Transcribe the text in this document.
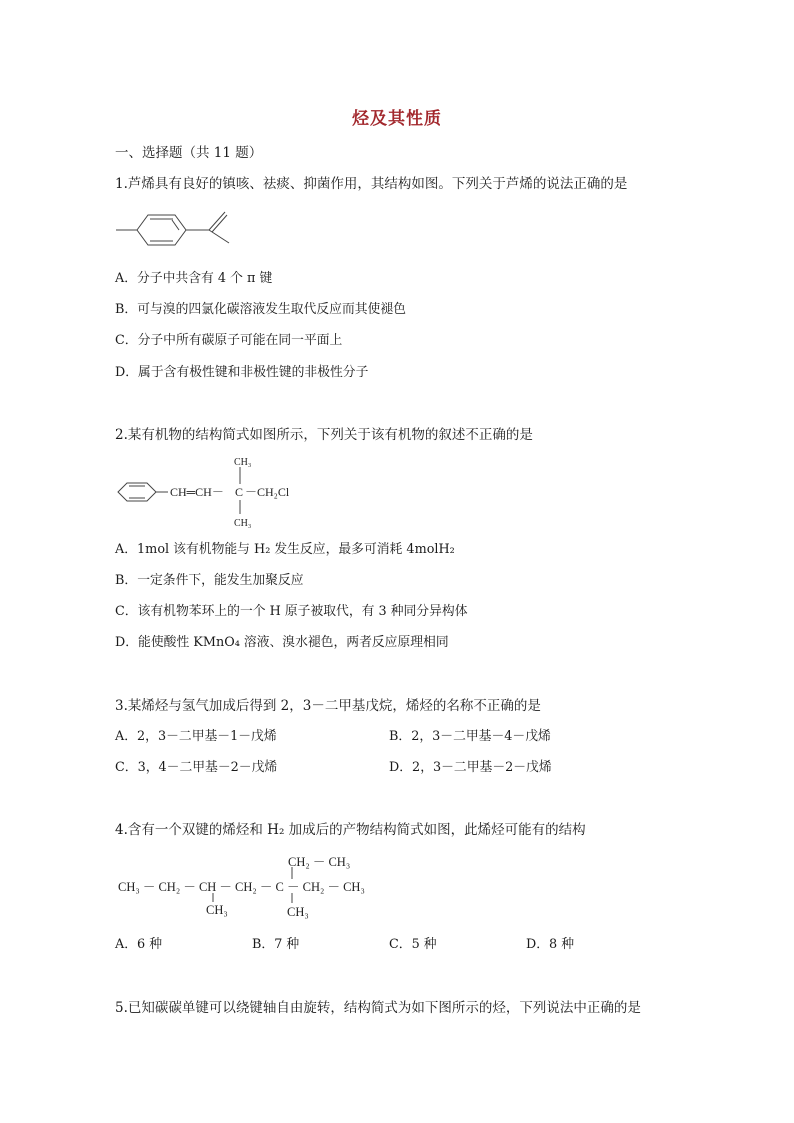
烃及其性质
一、选择题（共 11 题）
1.芦烯具有良好的镇咳、祛痰、抑菌作用，其结构如图。下列关于芦烯的说法正确的是
A．分子中共含有 4 个 π 键
B．可与溴的四氯化碳溶液发生取代反应而其使褪色
C．分子中所有碳原子可能在同一平面上
D．属于含有极性键和非极性键的非极性分子
2.某有机物的结构简式如图所示，下列关于该有机物的叙述不正确的是
CH₃
CH═CH－ C －CH₂Cl
CH₃
A．1mol 该有机物能与 H₂ 发生反应，最多可消耗 4molH₂
B．一定条件下，能发生加聚反应
C．该有机物苯环上的一个 H 原子被取代，有 3 种同分异构体
D．能使酸性 KMnO₄ 溶液、溴水褪色，两者反应原理相同
3.某烯烃与氢气加成后得到 2，3－二甲基戊烷，烯烃的名称不正确的是
A．2，3－二甲基－1－戊烯	B．2，3－二甲基－4－戊烯
C．3，4－二甲基－2－戊烯	D．2，3－二甲基－2－戊烯
4.含有一个双键的烯烃和 H₂ 加成后的产物结构简式如图，此烯烃可能有的结构
CH₂ － CH₃
CH₃ － CH₂ － CH － CH₂ － C － CH₂ － CH₃
CH₃	CH₃
A．6 种	B．7 种	C．5 种	D．8 种
5.已知碳碳单键可以绕键轴自由旋转，结构简式为如下图所示的烃，下列说法中正确的是
